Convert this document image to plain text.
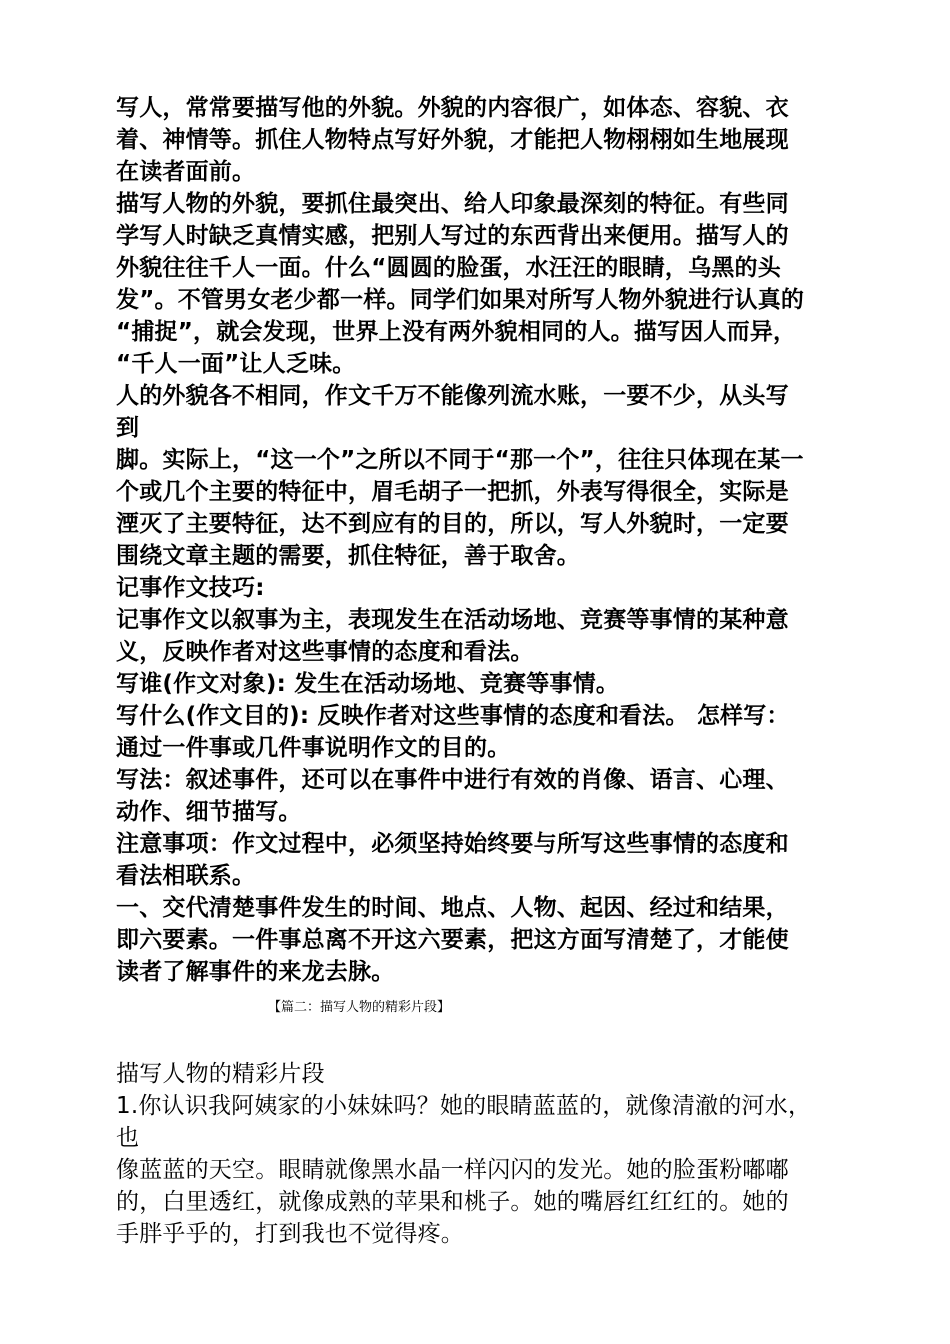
写人，常常要描写他的外貌。外貌的内容很广，如体态、容貌、衣
着、神情等。抓住人物特点写好外貌，才能把人物栩栩如生地展现
在读者面前。
描写人物的外貌，要抓住最突出、给人印象最深刻的特征。有些同
学写人时缺乏真情实感，把别人写过的东西背出来便用。描写人的
外貌往往千人一面。什么“圆圆的脸蛋，水汪汪的眼睛，乌黑的头
发”。不管男女老少都一样。同学们如果对所写人物外貌进行认真的
“捕捉”，就会发现，世界上没有两外貌相同的人。描写因人而异，
“千人一面”让人乏味。
人的外貌各不相同，作文千万不能像列流水账，一要不少，从头写
到
脚。实际上，“这一个”之所以不同于“那一个”，往往只体现在某一
个或几个主要的特征中，眉毛胡子一把抓，外表写得很全，实际是
湮灭了主要特征，达不到应有的目的，所以，写人外貌时，一定要
围绕文章主题的需要，抓住特征，善于取舍。
记事作文技巧:
记事作文以叙事为主，表现发生在活动场地、竞赛等事情的某种意
义，反映作者对这些事情的态度和看法。
写谁(作文对象): 发生在活动场地、竞赛等事情。
写什么(作文目的): 反映作者对这些事情的态度和看法。 怎样写：
通过一件事或几件事说明作文的目的。
写法：叙述事件，还可以在事件中进行有效的肖像、语言、心理、
动作、细节描写。
注意事项：作文过程中，必须坚持始终要与所写这些事情的态度和
看法相联系。
一、交代清楚事件发生的时间、地点、人物、起因、经过和结果，
即六要素。一件事总离不开这六要素，把这方面写清楚了，才能使
读者了解事件的来龙去脉。
【篇二：描写人物的精彩片段】
描写人物的精彩片段
1.你认识我阿姨家的小妹妹吗？她的眼睛蓝蓝的，就像清澈的河水，
也
像蓝蓝的天空。眼睛就像黑水晶一样闪闪的发光。她的脸蛋粉嘟嘟
的，白里透红，就像成熟的苹果和桃子。她的嘴唇红红红的。她的
手胖乎乎的，打到我也不觉得疼。
